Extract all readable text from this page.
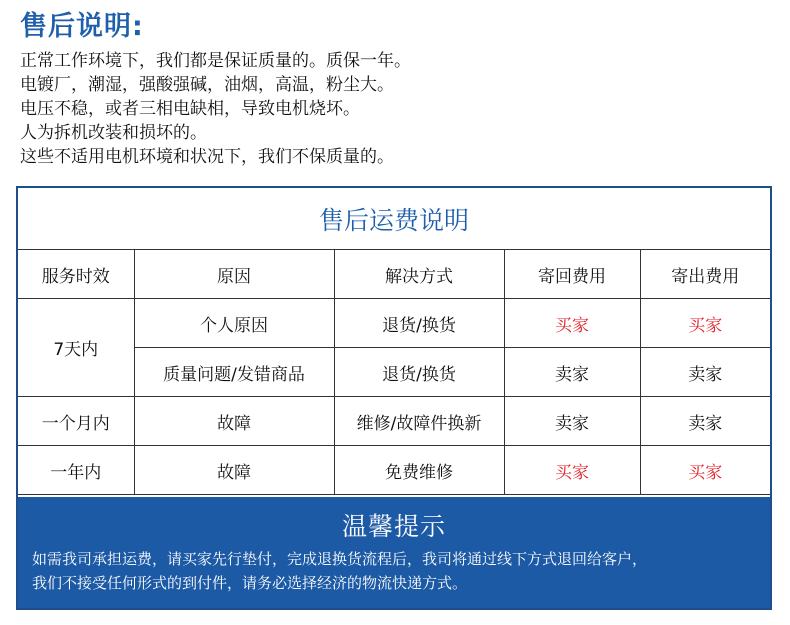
售后说明:
正常工作环境下，我们都是保证质量的。质保一年。
电镀厂，潮湿，强酸强碱，油烟，高温，粉尘大。
电压不稳，或者三相电缺相，导致电机烧坏。
人为拆机改装和损坏的。
这些不适用电机环境和状况下，我们不保质量的。
售后运费说明
服务时效	原因	解决方式	寄回费用	寄出费用
7天内	个人原因	退货/换货	买家	买家
	质量问题/发错商品	退货/换货	卖家	卖家
一个月内	故障	维修/故障件换新	卖家	卖家
一年内	故障	免费维修	买家	买家
温馨提示
如需我司承担运费，请买家先行垫付，完成退换货流程后，我司将通过线下方式退回给客户，
我们不接受任何形式的到付件，请务必选择经济的物流快递方式。
